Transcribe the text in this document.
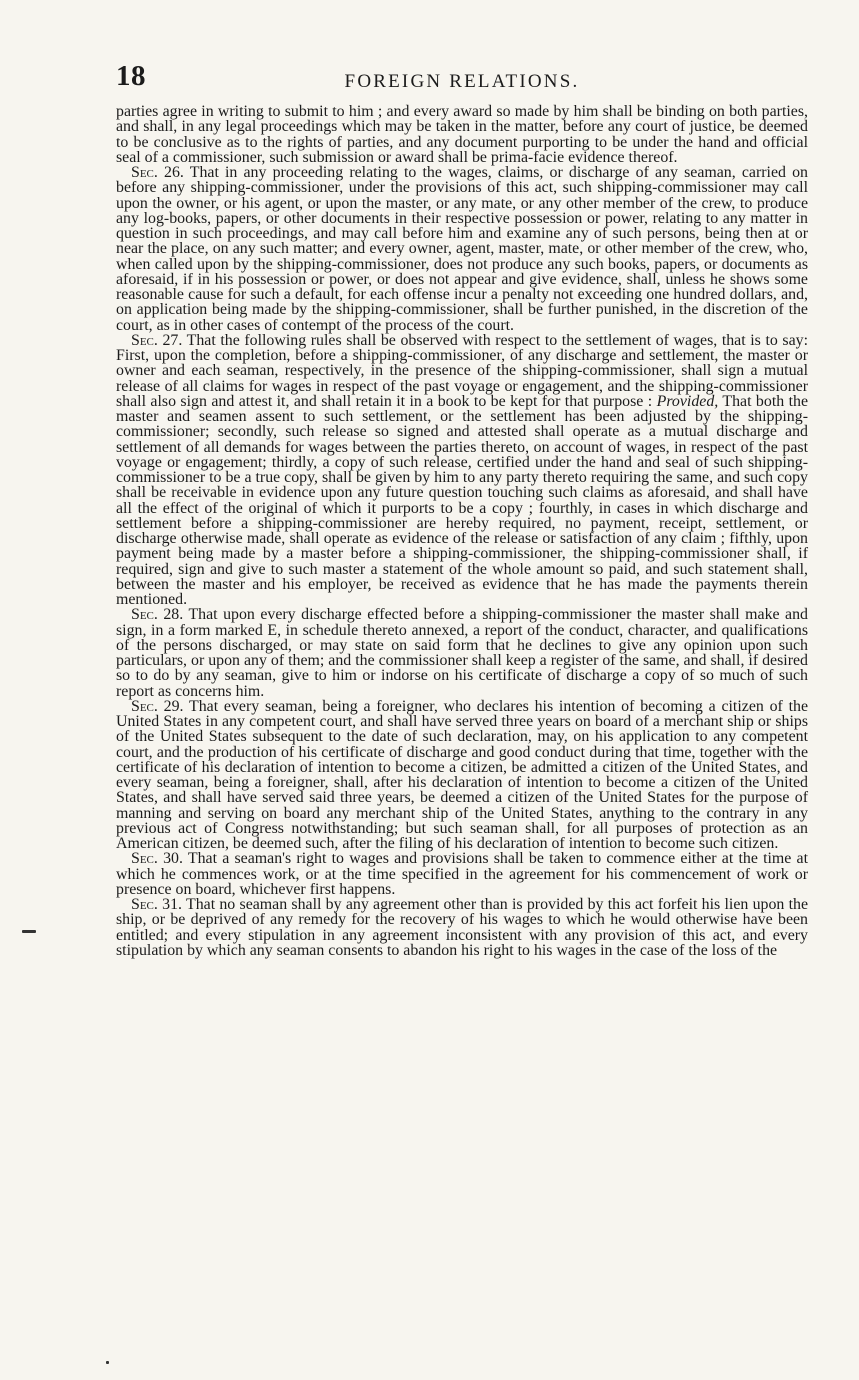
18	FOREIGN RELATIONS.

parties agree in writing to submit to him ; and every award so made by him shall be binding on both parties, and shall, in any legal proceedings which may be taken in the matter, before any court of justice, be deemed to be conclusive as to the rights of parties, and any document purporting to be under the hand and official seal of a commissioner, such submission or award shall be prima-facie evidence thereof.

Sec. 26. That in any proceeding relating to the wages, claims, or discharge of any seaman, carried on before any shipping-commissioner, under the provisions of this act, such shipping-commissioner may call upon the owner, or his agent, or upon the master, or any mate, or any other member of the crew, to produce any log-books, papers, or other documents in their respective possession or power, relating to any matter in question in such proceedings, and may call before him and examine any of such persons, being then at or near the place, on any such matter; and every owner, agent, master, mate, or other member of the crew, who, when called upon by the shipping-commissioner, does not produce any such books, papers, or documents as aforesaid, if in his possession or power, or does not appear and give evidence, shall, unless he shows some reasonable cause for such a default, for each offense incur a penalty not exceeding one hundred dollars, and, on application being made by the shipping-commissioner, shall be further punished, in the discretion of the court, as in other cases of contempt of the process of the court.

Sec. 27. That the following rules shall be observed with respect to the settlement of wages, that is to say: First, upon the completion, before a shipping-commissioner, of any discharge and settlement, the master or owner and each seaman, respectively, in the presence of the shipping-commissioner, shall sign a mutual release of all claims for wages in respect of the past voyage or engagement, and the shipping-commissioner shall also sign and attest it, and shall retain it in a book to be kept for that purpose : Provided, That both the master and seamen assent to such settlement, or the settlement has been adjusted by the shipping-commissioner; secondly, such release so signed and attested shall operate as a mutual discharge and settlement of all demands for wages between the parties thereto, on account of wages, in respect of the past voyage or engagement; thirdly, a copy of such release, certified under the hand and seal of such shipping-commissioner to be a true copy, shall be given by him to any party thereto requiring the same, and such copy shall be receivable in evidence upon any future question touching such claims as aforesaid, and shall have all the effect of the original of which it purports to be a copy ; fourthly, in cases in which discharge and settlement before a shipping-commissioner are hereby required, no payment, receipt, settlement, or discharge otherwise made, shall operate as evidence of the release or satisfaction of any claim ; fifthly, upon payment being made by a master before a shipping-commissioner, the shipping-commissioner shall, if required, sign and give to such master a statement of the whole amount so paid, and such statement shall, between the master and his employer, be received as evidence that he has made the payments therein mentioned.

Sec. 28. That upon every discharge effected before a shipping-commissioner the master shall make and sign, in a form marked E, in schedule thereto annexed, a report of the conduct, character, and qualifications of the persons discharged, or may state on said form that he declines to give any opinion upon such particulars, or upon any of them; and the commissioner shall keep a register of the same, and shall, if desired so to do by any seaman, give to him or indorse on his certificate of discharge a copy of so much of such report as concerns him.

Sec. 29. That every seaman, being a foreigner, who declares his intention of becoming a citizen of the United States in any competent court, and shall have served three years on board of a merchant ship or ships of the United States subsequent to the date of such declaration, may, on his application to any competent court, and the production of his certificate of discharge and good conduct during that time, together with the certificate of his declaration of intention to become a citizen, be admitted a citizen of the United States, and every seaman, being a foreigner, shall, after his declaration of intention to become a citizen of the United States, and shall have served said three years, be deemed a citizen of the United States for the purpose of manning and serving on board any merchant ship of the United States, anything to the contrary in any previous act of Congress notwithstanding; but such seaman shall, for all purposes of protection as an American citizen, be deemed such, after the filing of his declaration of intention to become such citizen.

Sec. 30. That a seaman's right to wages and provisions shall be taken to commence either at the time at which he commences work, or at the time specified in the agreement for his commencement of work or presence on board, whichever first happens.

Sec. 31. That no seaman shall by any agreement other than is provided by this act forfeit his lien upon the ship, or be deprived of any remedy for the recovery of his wages to which he would otherwise have been entitled; and every stipulation in any agreement inconsistent with any provision of this act, and every stipulation by which any seaman consents to abandon his right to his wages in the case of the loss of the
